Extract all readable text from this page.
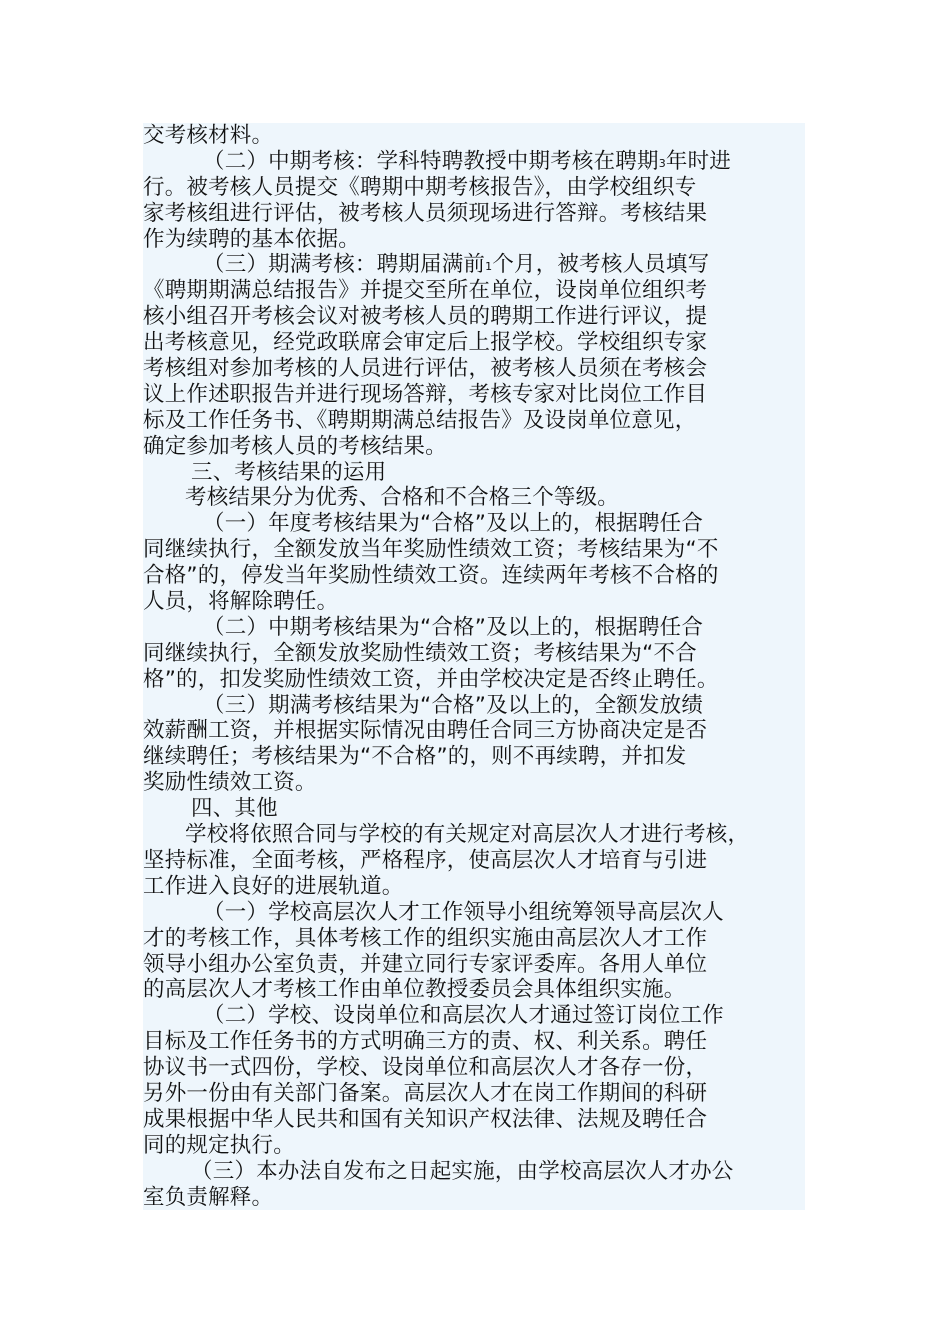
交考核材料。
（二）中期考核：学科特聘教授中期考核在聘期3年时进
行。被考核人员提交《聘期中期考核报告》，由学校组织专
家考核组进行评估，被考核人员须现场进行答辩。考核结果
作为续聘的基本依据。
（三）期满考核：聘期届满前1个月，被考核人员填写
《聘期期满总结报告》并提交至所在单位，设岗单位组织考
核小组召开考核会议对被考核人员的聘期工作进行评议，提
出考核意见，经党政联席会审定后上报学校。学校组织专家
考核组对参加考核的人员进行评估，被考核人员须在考核会
议上作述职报告并进行现场答辩，考核专家对比岗位工作目
标及工作任务书、《聘期期满总结报告》及设岗单位意见，
确定参加考核人员的考核结果。
三、考核结果的运用
考核结果分为优秀、合格和不合格三个等级。
（一）年度考核结果为“合格”及以上的，根据聘任合
同继续执行，全额发放当年奖励性绩效工资；考核结果为“不
合格”的，停发当年奖励性绩效工资。连续两年考核不合格的
人员，将解除聘任。
（二）中期考核结果为“合格”及以上的，根据聘任合
同继续执行，全额发放奖励性绩效工资；考核结果为“不合
格”的，扣发奖励性绩效工资，并由学校决定是否终止聘任。
（三）期满考核结果为“合格”及以上的，全额发放绩
效薪酬工资，并根据实际情况由聘任合同三方协商决定是否
继续聘任；考核结果为“不合格”的，则不再续聘，并扣发
奖励性绩效工资。
四、其他
学校将依照合同与学校的有关规定对高层次人才进行考核，
坚持标准，全面考核，严格程序，使高层次人才培育与引进
工作进入良好的进展轨道。
（一）学校高层次人才工作领导小组统筹领导高层次人
才的考核工作，具体考核工作的组织实施由高层次人才工作
领导小组办公室负责，并建立同行专家评委库。各用人单位
的高层次人才考核工作由单位教授委员会具体组织实施。
（二）学校、设岗单位和高层次人才通过签订岗位工作
目标及工作任务书的方式明确三方的责、权、利关系。聘任
协议书一式四份，学校、设岗单位和高层次人才各存一份，
另外一份由有关部门备案。高层次人才在岗工作期间的科研
成果根据中华人民共和国有关知识产权法律、法规及聘任合
同的规定执行。
（三）本办法自发布之日起实施，由学校高层次人才办公
室负责解释。
